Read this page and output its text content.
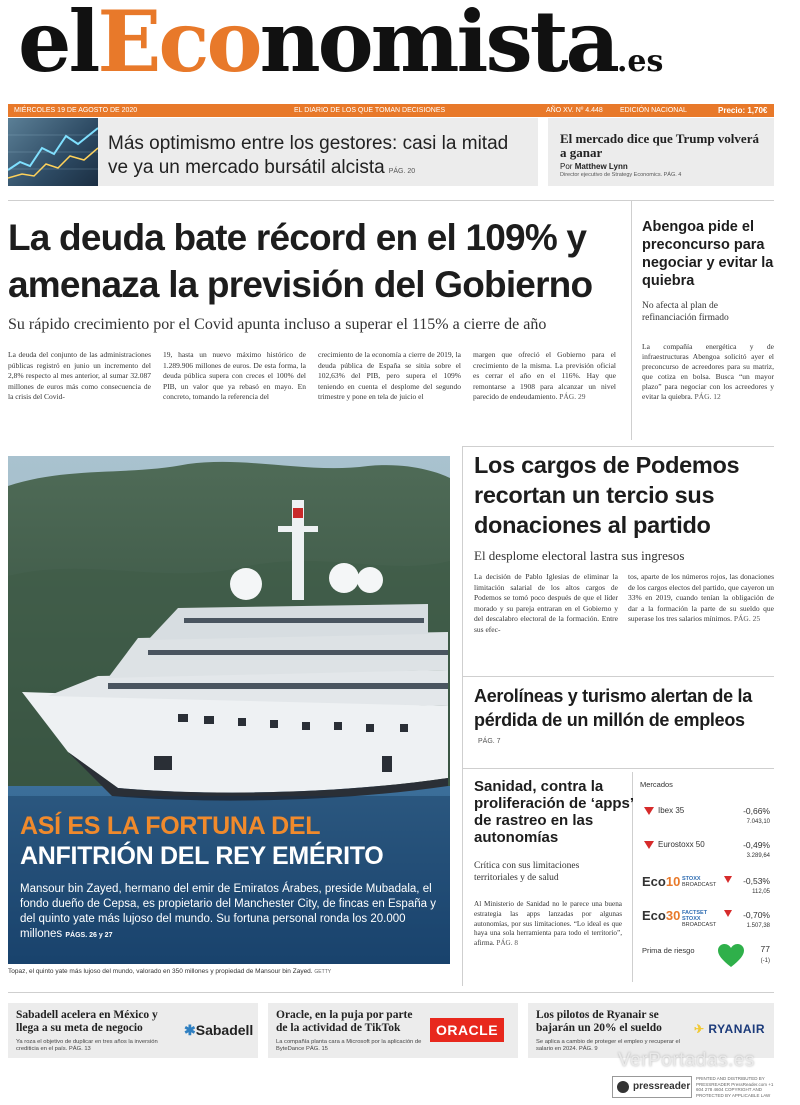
elEconomista.es
MIÉRCOLES 19 DE AGOSTO DE 2020	EL DIARIO DE LOS QUE TOMAN DECISIONES	AÑO XV. Nº 4.448 EDICIÓN NACIONAL	Precio: 1,70€
Más optimismo entre los gestores: casi la mitad ve ya un mercado bursátil alcista PÁG. 20
El mercado dice que Trump volverá a ganar
Por Matthew Lynn
Director ejecutivo de Strategy Economics. PÁG. 4
La deuda bate récord en el 109% y amenaza la previsión del Gobierno
Su rápido crecimiento por el Covid apunta incluso a superar el 115% a cierre de año
La deuda del conjunto de las administraciones públicas registró en junio un incremento del 2,8% respecto al mes anterior, al sumar 32.087 millones de euros más como consecuencia de la crisis del Covid-
19, hasta un nuevo máximo histórico de 1.289.906 millones de euros. De esta forma, la deuda pública supera con creces el 100% del PIB, un valor que ya rebasó en mayo. En concreto, tomando la referencia del
crecimiento de la economía a cierre de 2019, la deuda pública de España se sitúa sobre el 102,63% del PIB, pero supera el 109% teniendo en cuenta el desplome del segundo trimestre y pone en tela de juicio el
margen que ofreció el Gobierno para el crecimiento de la misma. La previsión oficial es cerrar el año en el 116%. Hay que remontarse a 1908 para alcanzar un nivel parecido de endeudamiento. PÁG. 29
Abengoa pide el preconcurso para negociar y evitar la quiebra
No afecta al plan de refinanciación firmado
La compañía energética y de infraestructuras Abengoa solicitó ayer el preconcurso de acreedores para su matriz, que cotiza en bolsa. Busca “un mayor plazo” para negociar con los acreedores y evitar la quiebra. PÁG. 12
ASÍ ES LA FORTUNA DEL
ANFITRIÓN DEL REY EMÉRITO
Mansour bin Zayed, hermano del emir de Emiratos Árabes, preside Mubadala, el fondo dueño de Cepsa, es propietario del Manchester City, de fincas en España y del quinto yate más lujoso del mundo. Su fortuna personal ronda los 20.000 millones PÁGS. 26 y 27
Topaz, el quinto yate más lujoso del mundo, valorado en 350 millones y propiedad de Mansour bin Zayed. GETTY
Los cargos de Podemos recortan un tercio sus donaciones al partido
El desplome electoral lastra sus ingresos
La decisión de Pablo Iglesias de eliminar la limitación salarial de los altos cargos de Podemos se tomó poco después de que el líder morado y su pareja entraran en el Gobierno y del descalabro electoral de la formación. Entre sus efec-
tos, aparte de los números rojos, las donaciones de los cargos electos del partido, que cayeron un 33% en 2019, cuando tenían la obligación de dar a la formación la parte de su sueldo que superase los tres salarios mínimos. PÁG. 25
Aerolíneas y turismo alertan de la pérdida de un millón de empleos
PÁG. 7
Sanidad, contra la proliferación de ‘apps’ de rastreo en las autonomías
Crítica con sus limitaciones territoriales y de salud
Al Ministerio de Sanidad no le parece una buena estrategia las apps lanzadas por algunas autonomías, por sus limitaciones. “Lo ideal es que haya una sola herramienta para todo el territorio”, afirma. PÁG. 8
Mercados
Ibex 35	-0,66%
7.043,10
Eurostoxx 50	-0,49%
3.289,64
Eco10 STOXX
BROADCAST	-0,53%
112,05
Eco30 FACTSET
STOXX
BROADCAST
-0,70%
1.507,38
Prima de riesgo	77
(-1)
Sabadell acelera en México y llega a su meta de negocio
Ya roza el objetivo de duplicar en tres años la inversión crediticia en el país. PÁG. 13
✱Sabadell
Oracle, en la puja por parte de la actividad de TikTok
La compañía planta cara a Microsoft por la aplicación de ByteDance PÁG. 15
ORACLE
Los pilotos de Ryanair se bajarán un 20% el sueldo
Se aplica a cambio de proteger el empleo y recuperar el salario en 2024. PÁG. 9
✈ RYANAIR
VerPortadas.es
pressreader
PRINTED AND DISTRIBUTED BY PRESSREADER PressReader.com +1 604 278 4604 COPYRIGHT AND PROTECTED BY APPLICABLE LAW
